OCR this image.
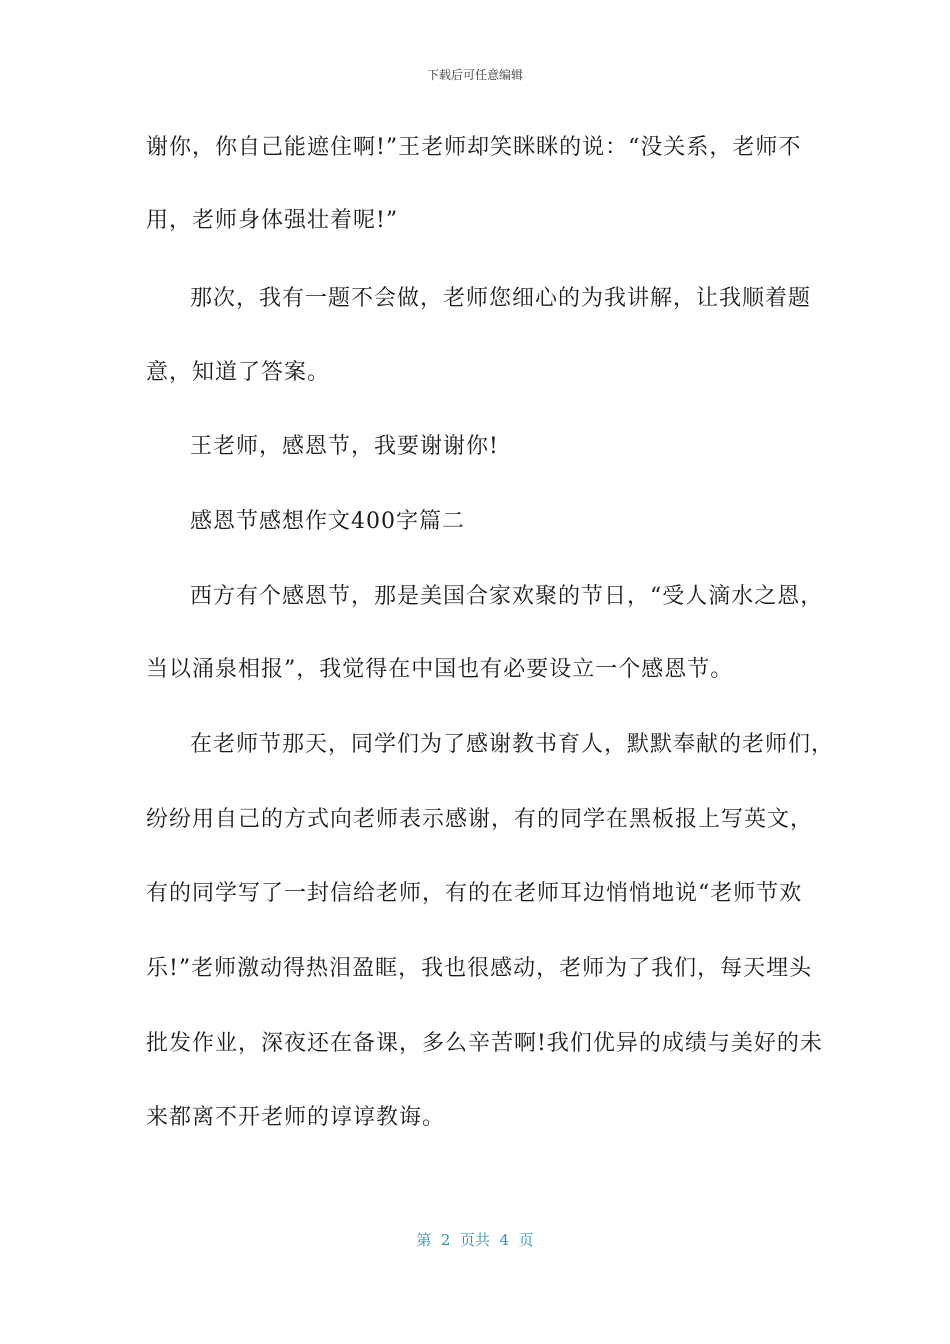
下载后可任意编辑
谢你，你自己能遮住啊!”王老师却笑眯眯的说：“没关系，老师不
用，老师身体强壮着呢!”
那次，我有一题不会做，老师您细心的为我讲解，让我顺着题
意，知道了答案。
王老师，感恩节，我要谢谢你!
感恩节感想作文400字篇二
西方有个感恩节，那是美国合家欢聚的节日，“受人滴水之恩，
当以涌泉相报”，我觉得在中国也有必要设立一个感恩节。
在老师节那天，同学们为了感谢教书育人，默默奉献的老师们，
纷纷用自己的方式向老师表示感谢，有的同学在黑板报上写英文，
有的同学写了一封信给老师，有的在老师耳边悄悄地说“老师节欢
乐!”老师激动得热泪盈眶，我也很感动，老师为了我们，每天埋头
批发作业，深夜还在备课，多么辛苦啊!我们优异的成绩与美好的未
来都离不开老师的谆谆教诲。
第  2  页共  4  页
